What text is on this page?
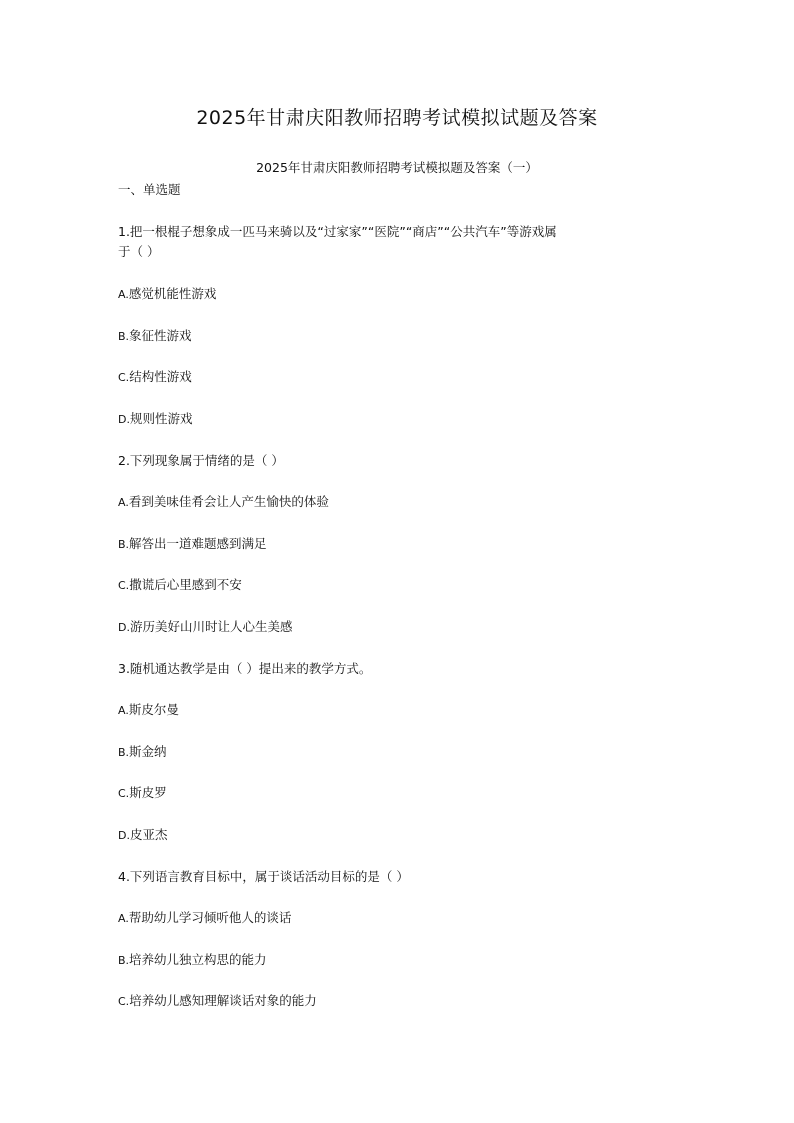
2025年甘肃庆阳教师招聘考试模拟试题及答案
2025年甘肃庆阳教师招聘考试模拟题及答案（一）
一、单选题

1.把一根棍子想象成一匹马来骑以及“过家家”“医院”“商店”“公共汽车”等游戏属

于（ ）

A.感觉机能性游戏

B.象征性游戏

C.结构性游戏

D.规则性游戏

2.下列现象属于情绪的是（ ）

A.看到美味佳肴会让人产生愉快的体验

B.解答出一道难题感到满足

C.撒谎后心里感到不安

D.游历美好山川时让人心生美感

3.随机通达教学是由（ ）提出来的教学方式。

A.斯皮尔曼

B.斯金纳

C.斯皮罗

D.皮亚杰

4.下列语言教育目标中，属于谈话活动目标的是（ ）

A.帮助幼儿学习倾听他人的谈话

B.培养幼儿独立构思的能力

C.培养幼儿感知理解谈话对象的能力
